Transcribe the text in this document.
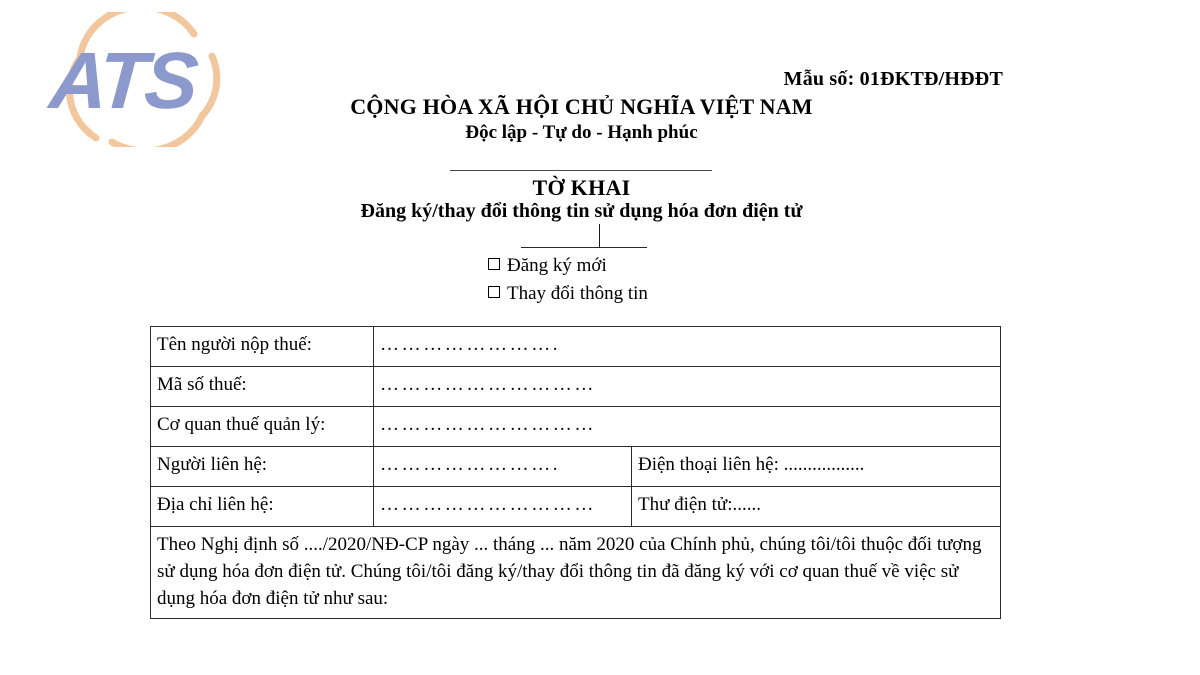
ATS	Mẫu số: 01ĐKTĐ/HĐĐT
CỘNG HÒA XÃ HỘI CHỦ NGHĨA VIỆT NAM
Độc lập - Tự do - Hạnh phúc
TỜ KHAI
Đăng ký/thay đổi thông tin sử dụng hóa đơn điện tử
Đăng ký mới
Thay đổi thông tin
Tên người nộp thuế:	…………………….	
Mã số thuế:	…………………………	
Cơ quan thuế quản lý:	…………………………	
Người liên hệ:	…………………….	Điện thoại liên hệ: .................
Địa chỉ liên hệ:	…………………………	Thư điện tử:......

Theo Nghị định số ..../2020/NĐ-CP ngày ... tháng ... năm 2020 của Chính phủ, chúng tôi/tôi thuộc đối tượng sử dụng hóa đơn điện tử. Chúng tôi/tôi đăng ký/thay đổi thông tin đã đăng ký với cơ quan thuế về việc sử dụng hóa đơn điện tử như sau:		
